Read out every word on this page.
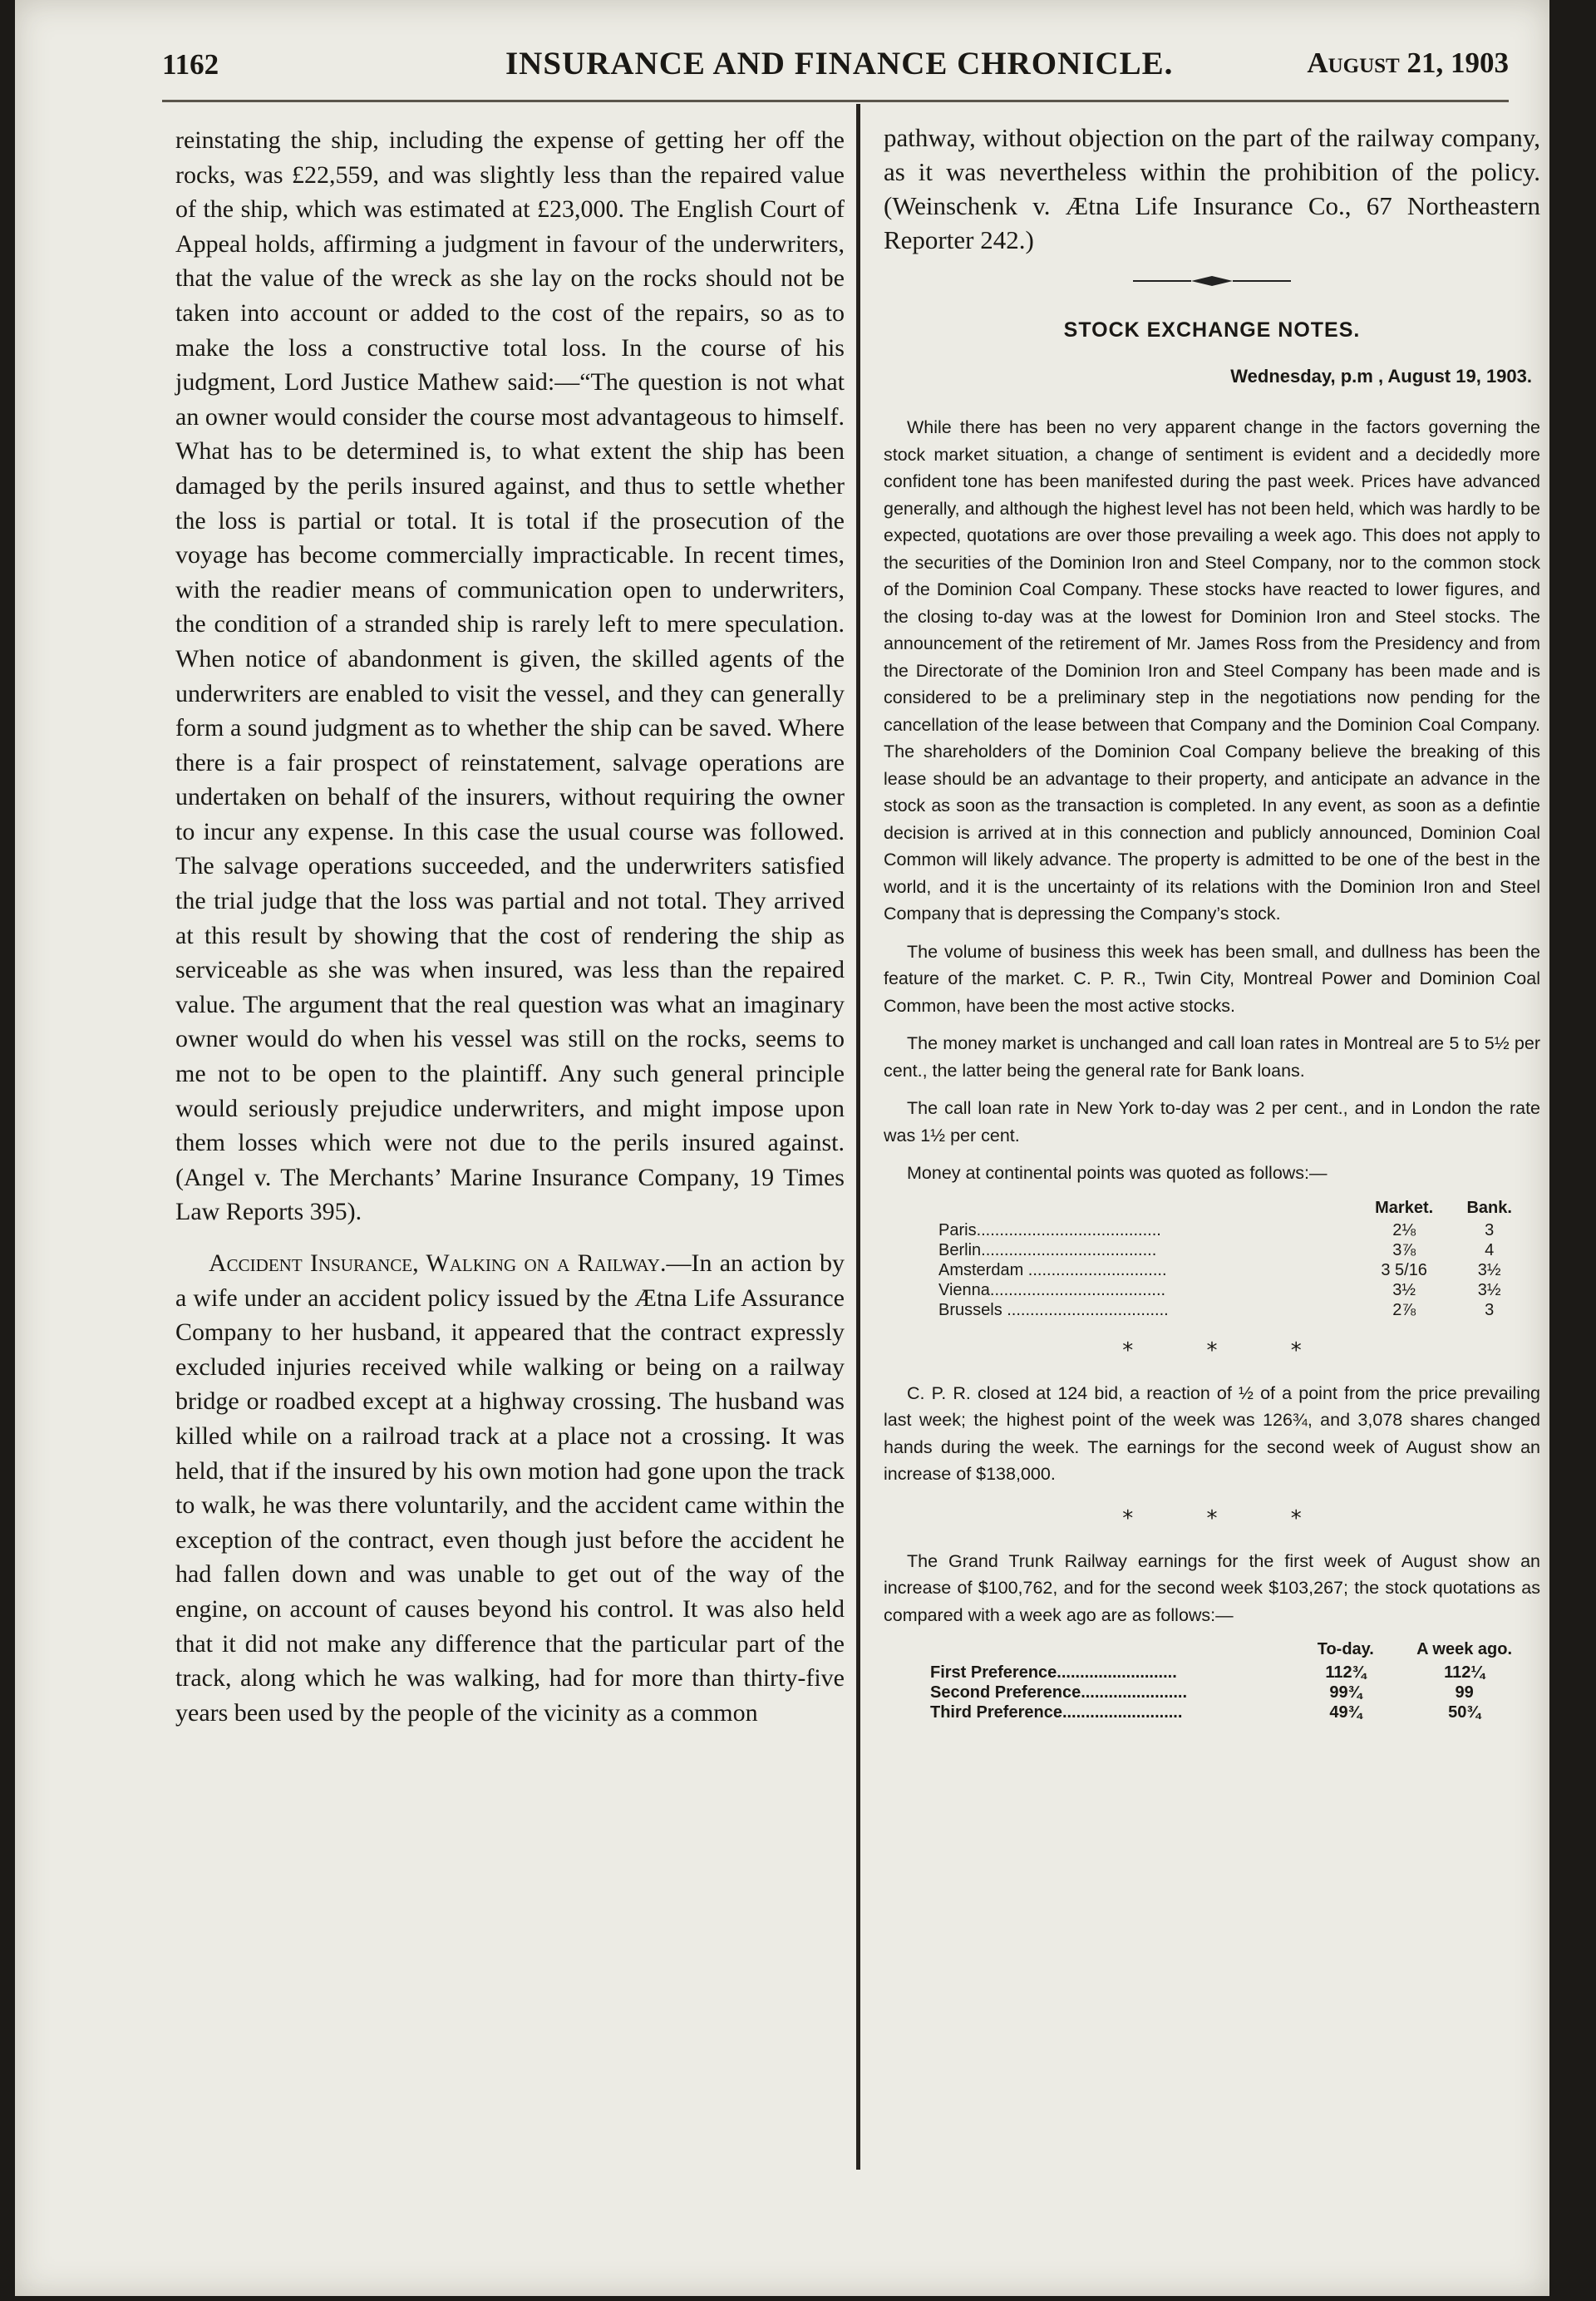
1162	INSURANCE AND FINANCE CHRONICLE.	August 21, 1903

reinstating the ship, including the expense of getting her off the rocks, was £22,559, and was slightly less than the repaired value of the ship, which was estimated at £23,000. The English Court of Appeal holds, affirming a judgment in favour of the underwriters, that the value of the wreck as she lay on the rocks should not be taken into account or added to the cost of the repairs, so as to make the loss a constructive total loss. In the course of his judgment, Lord Justice Mathew said:—“The question is not what an owner would consider the course most advantageous to himself. What has to be determined is, to what extent the ship has been damaged by the perils insured against, and thus to settle whether the loss is partial or total. It is total if the prosecution of the voyage has become commercially impracticable. In recent times, with the readier means of communication open to underwriters, the condition of a stranded ship is rarely left to mere speculation. When notice of abandonment is given, the skilled agents of the underwriters are enabled to visit the vessel, and they can generally form a sound judgment as to whether the ship can be saved. Where there is a fair prospect of reinstatement, salvage operations are undertaken on behalf of the insurers, without requiring the owner to incur any expense. In this case the usual course was followed. The salvage operations succeeded, and the underwriters satisfied the trial judge that the loss was partial and not total. They arrived at this result by showing that the cost of rendering the ship as serviceable as she was when insured, was less than the repaired value. The argument that the real question was what an imaginary owner would do when his vessel was still on the rocks, seems to me not to be open to the plaintiff. Any such general principle would seriously prejudice underwriters, and might impose upon them losses which were not due to the perils insured against. (Angel v. The Merchants’ Marine Insurance Company, 19 Times Law Reports 395).

Accident Insurance, Walking on a Railway.—In an action by a wife under an accident policy issued by the Ætna Life Assurance Company to her husband, it appeared that the contract expressly excluded injuries received while walking or being on a railway bridge or roadbed except at a highway crossing. The husband was killed while on a railroad track at a place not a crossing. It was held, that if the insured by his own motion had gone upon the track to walk, he was there voluntarily, and the accident came within the exception of the contract, even though just before the accident he had fallen down and was unable to get out of the way of the engine, on account of causes beyond his control. It was also held that it did not make any difference that the particular part of the track, along which he was walking, had for more than thirty-five years been used by the people of the vicinity as a common

pathway, without objection on the part of the railway company, as it was nevertheless within the prohibition of the policy. (Weinschenk v. Ætna Life Insurance Co., 67 Northeastern Reporter 242.)

STOCK EXCHANGE NOTES.
Wednesday, p.m , August 19, 1903.

While there has been no very apparent change in the factors governing the stock market situation, a change of sentiment is evident and a decidedly more confident tone has been manifested during the past week. Prices have advanced generally, and although the highest level has not been held, which was hardly to be expected, quotations are over those prevailing a week ago. This does not apply to the securities of the Dominion Iron and Steel Company, nor to the common stock of the Dominion Coal Company. These stocks have reacted to lower figures, and the closing to-day was at the lowest for Dominion Iron and Steel stocks. The announcement of the retirement of Mr. James Ross from the Presidency and from the Directorate of the Dominion Iron and Steel Company has been made and is considered to be a preliminary step in the negotiations now pending for the cancellation of the lease between that Company and the Dominion Coal Company. The shareholders of the Dominion Coal Company believe the breaking of this lease should be an advantage to their property, and anticipate an advance in the stock as soon as the transaction is completed. In any event, as soon as a defintie decision is arrived at in this connection and publicly announced, Dominion Coal Common will likely advance. The property is admitted to be one of the best in the world, and it is the uncertainty of its relations with the Dominion Iron and Steel Company that is depressing the Company’s stock.

The volume of business this week has been small, and dullness has been the feature of the market. C. P. R., Twin City, Montreal Power and Dominion Coal Common, have been the most active stocks.

The money market is unchanged and call loan rates in Montreal are 5 to 5½ per cent., the latter being the general rate for Bank loans.

The call loan rate in New York to-day was 2 per cent., and in London the rate was 1½ per cent.

Money at continental points was quoted as follows:—

	Market.	Bank.
Paris........................................	2⅛	3
Berlin......................................	3⅞	4
Amsterdam ..............................	3 5/16	3½
Vienna......................................	3½	3½
Brussels ...................................	2⅞	3
* * *

C. P. R. closed at 124 bid, a reaction of ½ of a point from the price prevailing last week; the highest point of the week was 126¾, and 3,078 shares changed hands during the week. The earnings for the second week of August show an increase of $138,000.

* * *

The Grand Trunk Railway earnings for the first week of August show an increase of $100,762, and for the second week $103,267; the stock quotations as compared with a week ago are as follows:—

	To-day.	A week ago.
First Preference..........................	112¾	112¼
Second Preference.......................	99¾	99
Third Preference..........................	49¾	50¾
